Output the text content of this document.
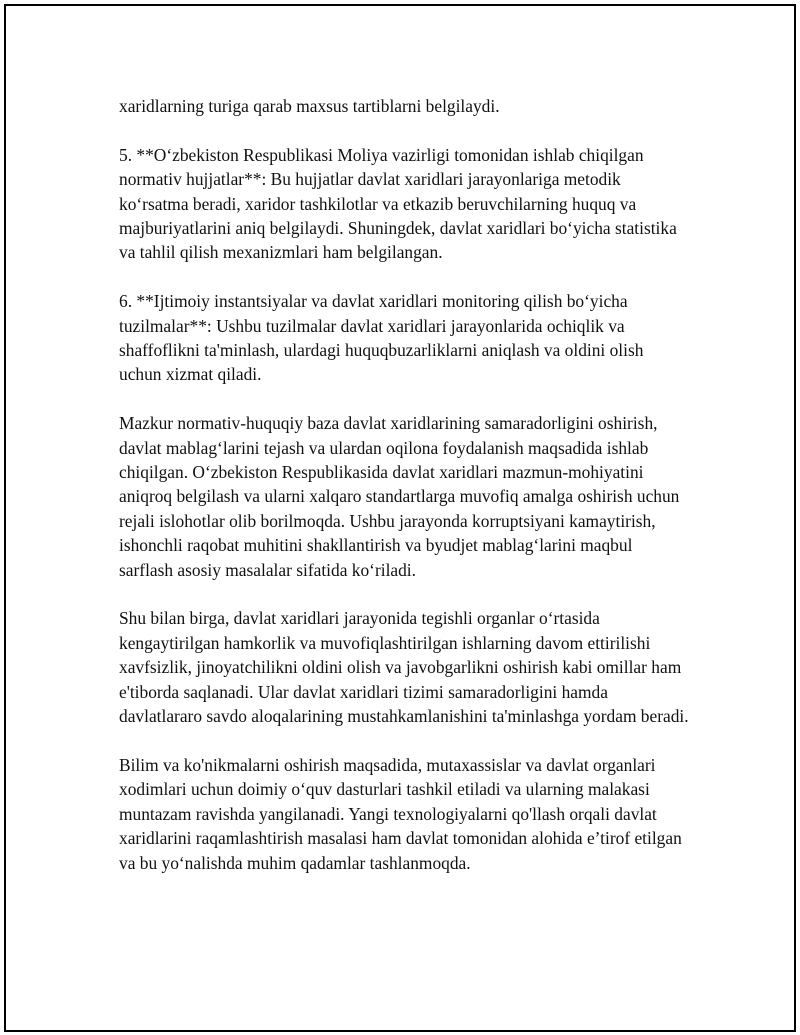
xaridlarning turiga qarab maxsus tartiblarni belgilaydi.

5. **O‘zbekiston Respublikasi Moliya vazirligi tomonidan ishlab chiqilgan normativ hujjatlar**: Bu hujjatlar davlat xaridlari jarayonlariga metodik ko‘rsatma beradi, xaridor tashkilotlar va etkazib beruvchilarning huquq va majburiyatlarini aniq belgilaydi. Shuningdek, davlat xaridlari bo‘yicha statistika va tahlil qilish mexanizmlari ham belgilangan.

6. **Ijtimoiy instantsiyalar va davlat xaridlari monitoring qilish bo‘yicha tuzilmalar**: Ushbu tuzilmalar davlat xaridlari jarayonlarida ochiqlik va shaffoflikni ta'minlash, ulardagi huquqbuzarliklarni aniqlash va oldini olish uchun xizmat qiladi.

Mazkur normativ-huquqiy baza davlat xaridlarining samaradorligini oshirish, davlat mablag‘larini tejash va ulardan oqilona foydalanish maqsadida ishlab chiqilgan. O‘zbekiston Respublikasida davlat xaridlari mazmun-mohiyatini aniqroq belgilash va ularni xalqaro standartlarga muvofiq amalga oshirish uchun rejali islohotlar olib borilmoqda. Ushbu jarayonda korruptsiyani kamaytirish, ishonchli raqobat muhitini shakllantirish va byudjet mablag‘larini maqbul sarflash asosiy masalalar sifatida ko‘riladi.

Shu bilan birga, davlat xaridlari jarayonida tegishli organlar o‘rtasida kengaytirilgan hamkorlik va muvofiqlashtirilgan ishlarning davom ettirilishi xavfsizlik, jinoyatchilikni oldini olish va javobgarlikni oshirish kabi omillar ham e'tiborda saqlanadi. Ular davlat xaridlari tizimi samaradorligini hamda davlatlararo savdo aloqalarining mustahkamlanishini ta'minlashga yordam beradi.

Bilim va ko'nikmalarni oshirish maqsadida, mutaxassislar va davlat organlari xodimlari uchun doimiy o‘quv dasturlari tashkil etiladi va ularning malakasi muntazam ravishda yangilanadi. Yangi texnologiyalarni qo'llash orqali davlat xaridlarini raqamlashtirish masalasi ham davlat tomonidan alohida e’tirof etilgan va bu yo‘nalishda muhim qadamlar tashlanmoqda.
